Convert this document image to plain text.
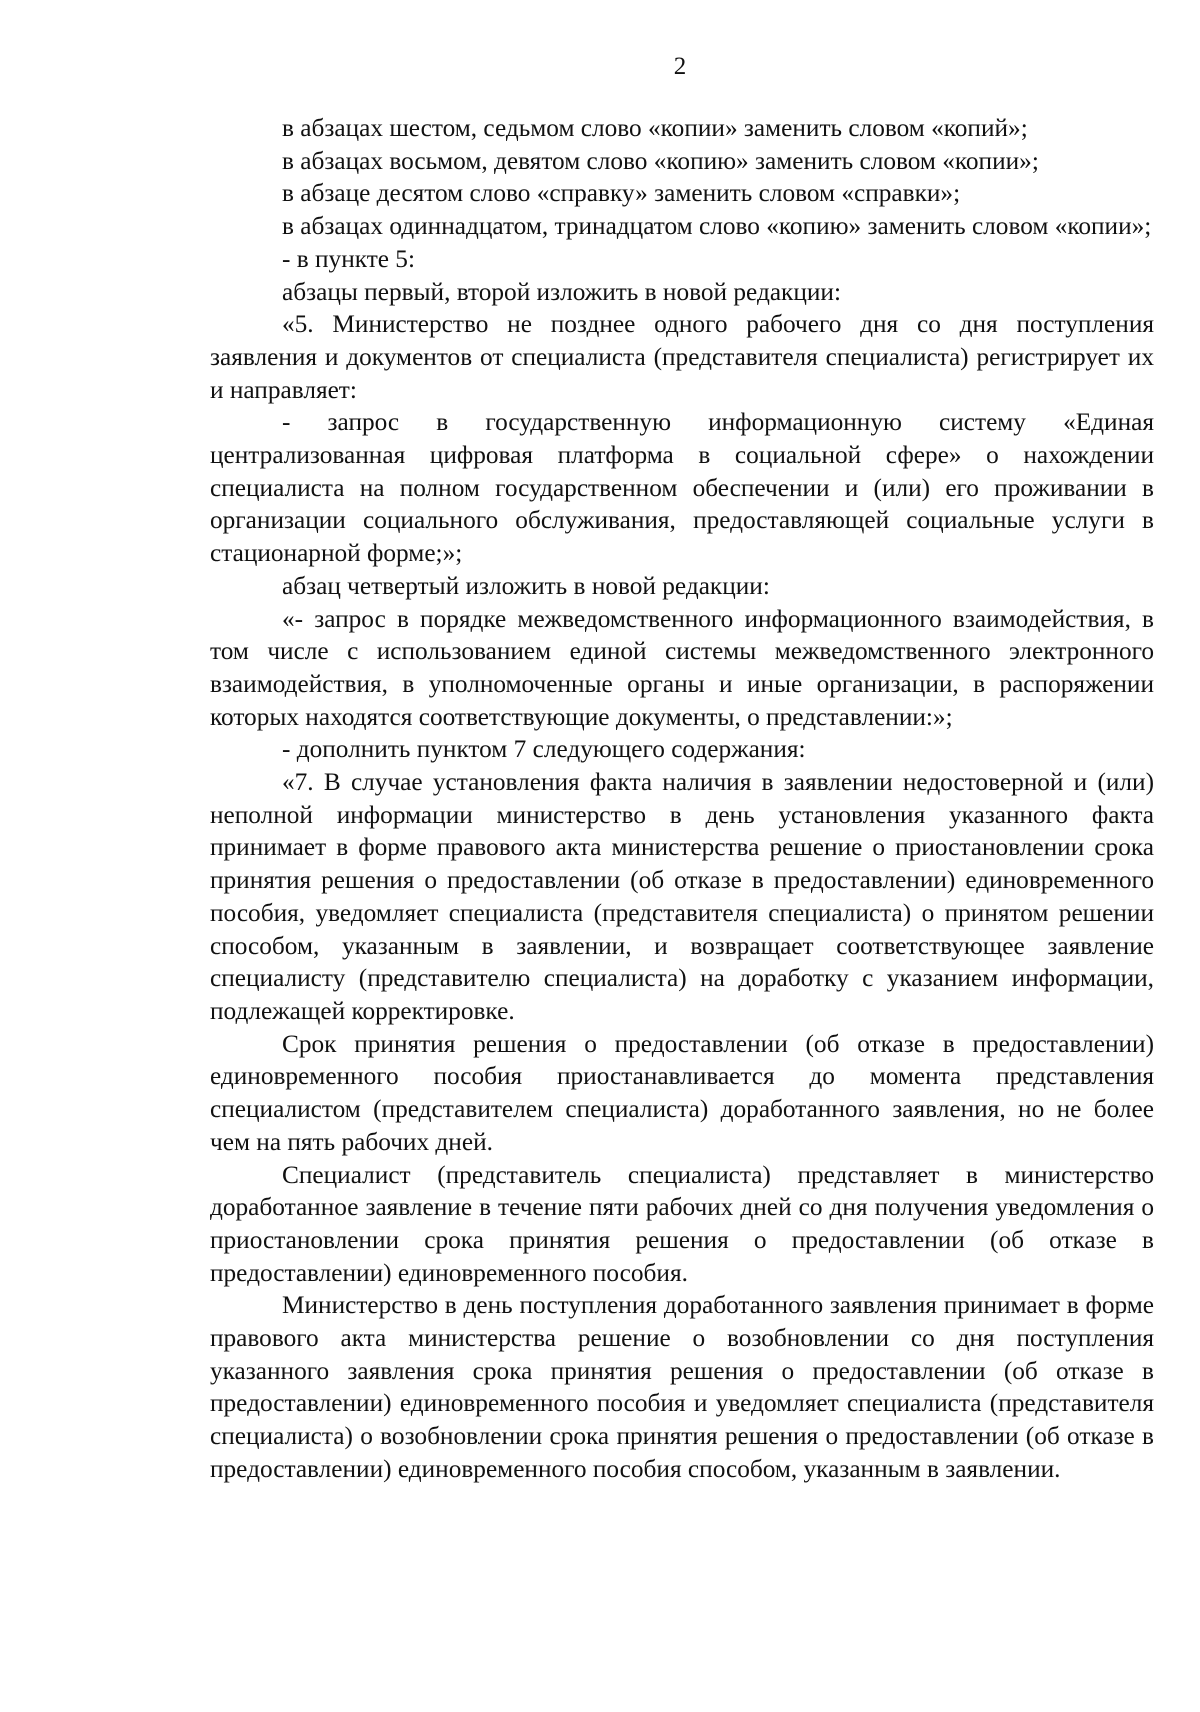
2

в абзацах шестом, седьмом слово «копии» заменить словом «копий»;

в абзацах восьмом, девятом слово «копию» заменить словом «копии»;

в абзаце десятом слово «справку» заменить словом «справки»;

в абзацах одиннадцатом, тринадцатом слово «копию» заменить словом «копии»;

- в пункте 5:

абзацы первый, второй изложить в новой редакции:

«5. Министерство не позднее одного рабочего дня со дня поступления заявления и документов от специалиста (представителя специалиста) регистрирует их и направляет:

- запрос в государственную информационную систему «Единая централизованная цифровая платформа в социальной сфере» о нахождении специалиста на полном государственном обеспечении и (или) его проживании в организации социального обслуживания, предоставляющей социальные услуги в стационарной форме;»;

абзац четвертый изложить в новой редакции:

«- запрос в порядке межведомственного информационного взаимодействия, в том числе с использованием единой системы межведомственного электронного взаимодействия, в уполномоченные органы и иные организации, в распоряжении которых находятся соответствующие документы, о представлении:»;

- дополнить пунктом 7 следующего содержания:

«7. В случае установления факта наличия в заявлении недостоверной и (или) неполной информации министерство в день установления указанного факта принимает в форме правового акта министерства решение о приостановлении срока принятия решения о предоставлении (об отказе в предоставлении) единовременного пособия, уведомляет специалиста (представителя специалиста) о принятом решении способом, указанным в заявлении, и возвращает соответствующее заявление специалисту (представителю специалиста) на доработку с указанием информации, подлежащей корректировке.

Срок принятия решения о предоставлении (об отказе в предоставлении) единовременного пособия приостанавливается до момента представления специалистом (представителем специалиста) доработанного заявления, но не более чем на пять рабочих дней.

Специалист (представитель специалиста) представляет в министерство доработанное заявление в течение пяти рабочих дней со дня получения уведомления о приостановлении срока принятия решения о предоставлении (об отказе в предоставлении) единовременного пособия.

Министерство в день поступления доработанного заявления принимает в форме правового акта министерства решение о возобновлении со дня поступления указанного заявления срока принятия решения о предоставлении (об отказе в предоставлении) единовременного пособия и уведомляет специалиста (представителя специалиста) о возобновлении срока принятия решения о предоставлении (об отказе в предоставлении) единовременного пособия способом, указанным в заявлении.
